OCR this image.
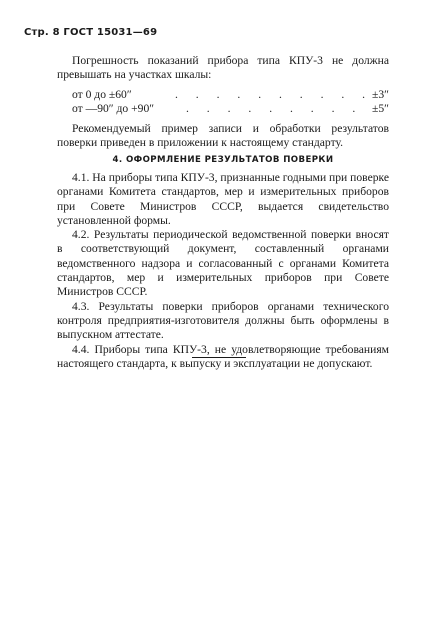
Стр. 8 ГОСТ 15031—69

Погрешность показаний прибора типа КПУ-3 не должна превышать на участках шкалы:

от 0 до ±60″	. . . . . . . . . . ±3″
от —90″ до +90″	. . . . . . . . . ±5″

Рекомендуемый пример записи и обработки результатов поверки приведен в приложении к настоящему стандарту.

4. ОФОРМЛЕНИЕ РЕЗУЛЬТАТОВ ПОВЕРКИ

4.1. На приборы типа КПУ-3, признанные годными при поверке органами Комитета стандартов, мер и измерительных приборов при Совете Министров СССР, выдается свидетельство установленной формы.

4.2. Результаты периодической ведомственной поверки вносят в соответствующий документ, составленный органами ведомственного надзора и согласованный с органами Комитета стандартов, мер и измерительных приборов при Совете Министров СССР.

4.3. Результаты поверки приборов органами технического контроля предприятия-изготовителя должны быть оформлены в выпускном аттестате.

4.4. Приборы типа КПУ-3, не удовлетворяющие требованиям настоящего стандарта, к выпуску и эксплуатации не допускают.
